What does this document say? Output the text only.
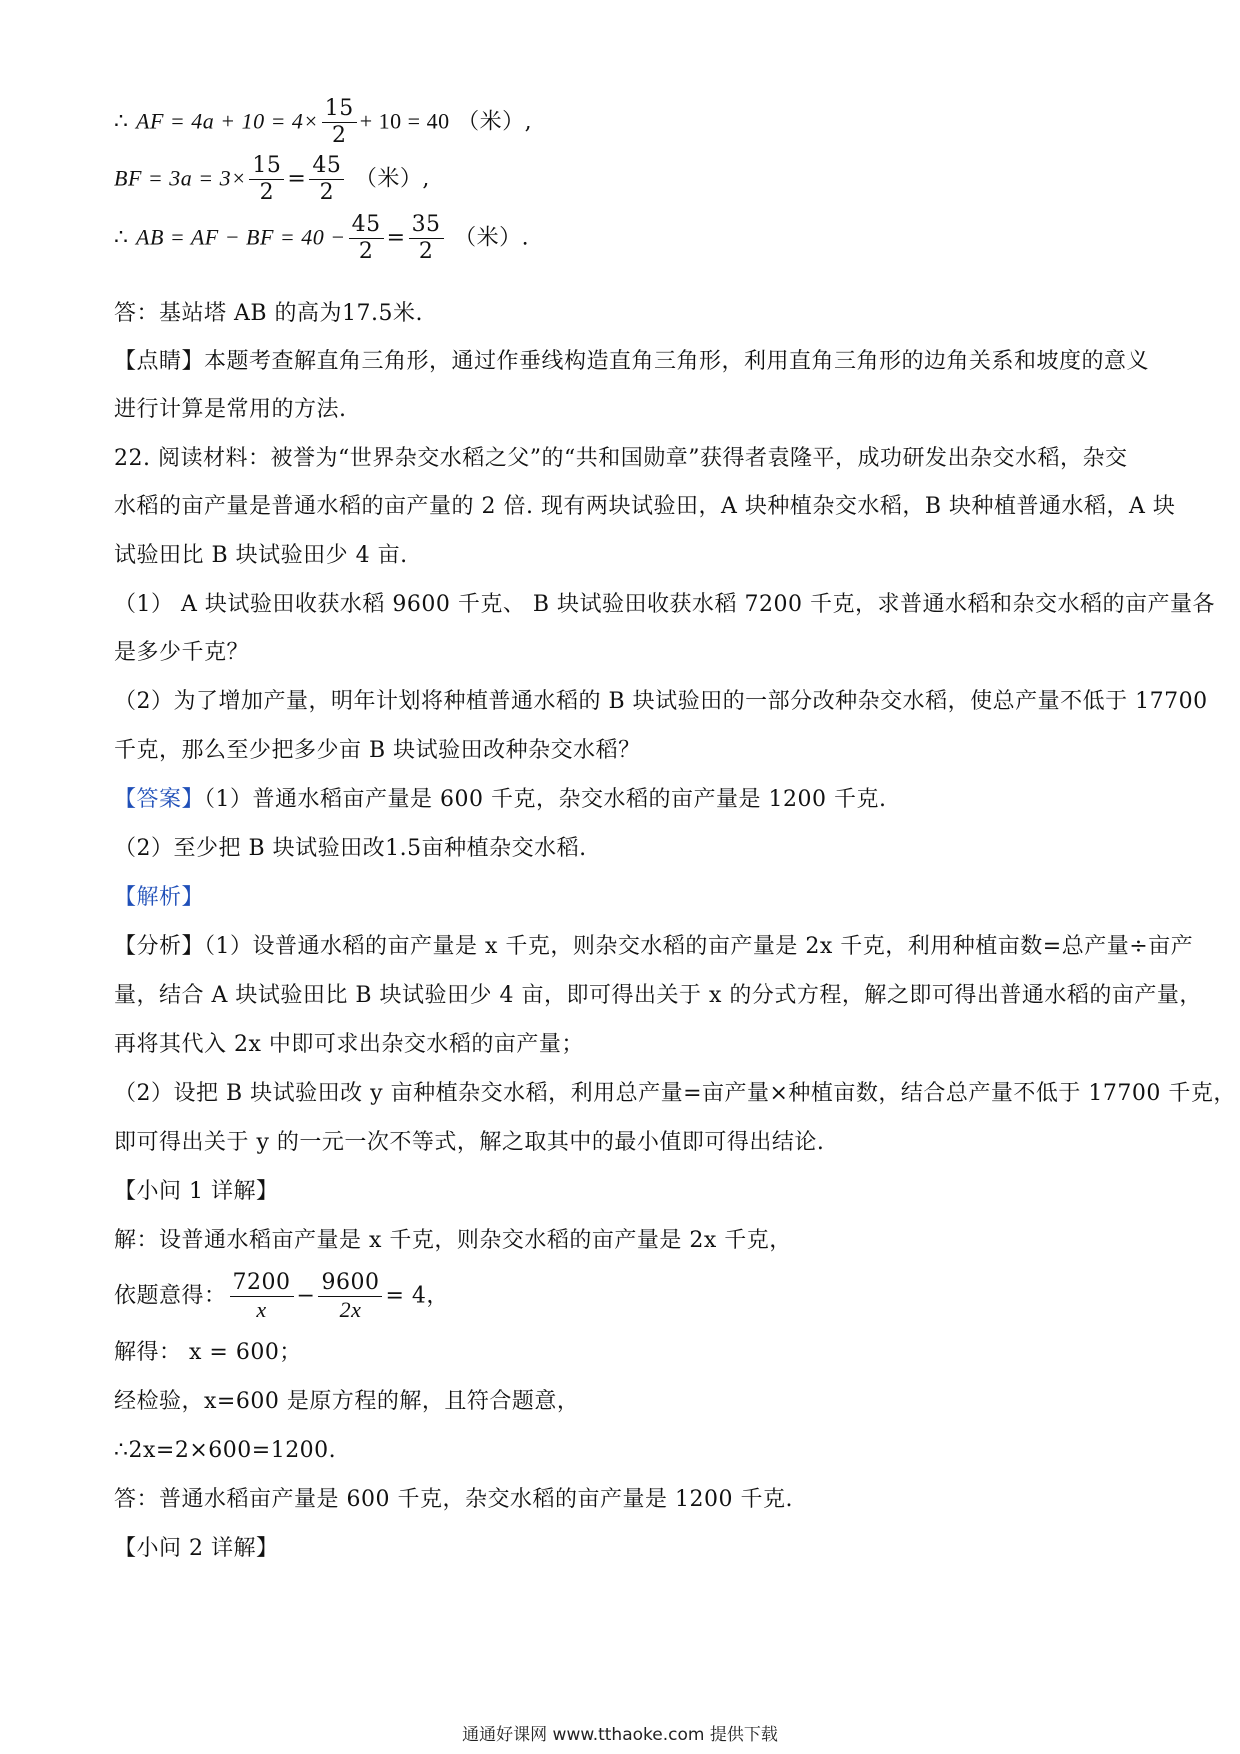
∴ AF = $4a + 10 = 4\times \frac{15}{2} + 10 = 40$ （米）,
BF = $3a = 3\times \frac{15}{2} = \frac{45}{2}$ （米）,
∴ AB = AF − BF = $40 - \frac{45}{2} = \frac{35}{2}$ （米）.
答：基站塔 AB 的高为17.5米.
【点睛】本题考查解直角三角形，通过作垂线构造直角三角形，利用直角三角形的边角关系和坡度的意义
进行计算是常用的方法.
22. 阅读材料：被誉为“世界杂交水稻之父”的“共和国勋章”获得者袁隆平，成功研发出杂交水稻，杂交
水稻的亩产量是普通水稻的亩产量的 2 倍. 现有两块试验田，A 块种植杂交水稻，B 块种植普通水稻，A 块
试验田比 B 块试验田少 4 亩.
（1） A 块试验田收获水稻 9600 千克、 B 块试验田收获水稻 7200 千克，求普通水稻和杂交水稻的亩产量各
是多少千克？
（2）为了增加产量，明年计划将种植普通水稻的 B 块试验田的一部分改种杂交水稻，使总产量不低于 17700
千克，那么至少把多少亩 B 块试验田改种杂交水稻？
【答案】（1）普通水稻亩产量是 600 千克，杂交水稻的亩产量是 1200 千克.
（2）至少把 B 块试验田改1.5亩种植杂交水稻.
【解析】
【分析】（1）设普通水稻的亩产量是 x 千克，则杂交水稻的亩产量是 2x 千克，利用种植亩数=总产量÷亩产
量，结合 A 块试验田比 B 块试验田少 4 亩，即可得出关于 x 的分式方程，解之即可得出普通水稻的亩产量，
再将其代入 2x 中即可求出杂交水稻的亩产量；
（2）设把 B 块试验田改 y 亩种植杂交水稻，利用总产量=亩产量×种植亩数，结合总产量不低于 17700 千克，
即可得出关于 y 的一元一次不等式，解之取其中的最小值即可得出结论.
【小问 1 详解】
解：设普通水稻亩产量是 x 千克，则杂交水稻的亩产量是 2x 千克，
依题意得： $\frac{7200}{x} - \frac{9600}{2x} = 4$，
解得： x = 600；
经检验，x=600 是原方程的解，且符合题意，
∴2x=2×600=1200.
答：普通水稻亩产量是 600 千克，杂交水稻的亩产量是 1200 千克.
【小问 2 详解】
通通好课网 www.tthaoke.com 提供下载
